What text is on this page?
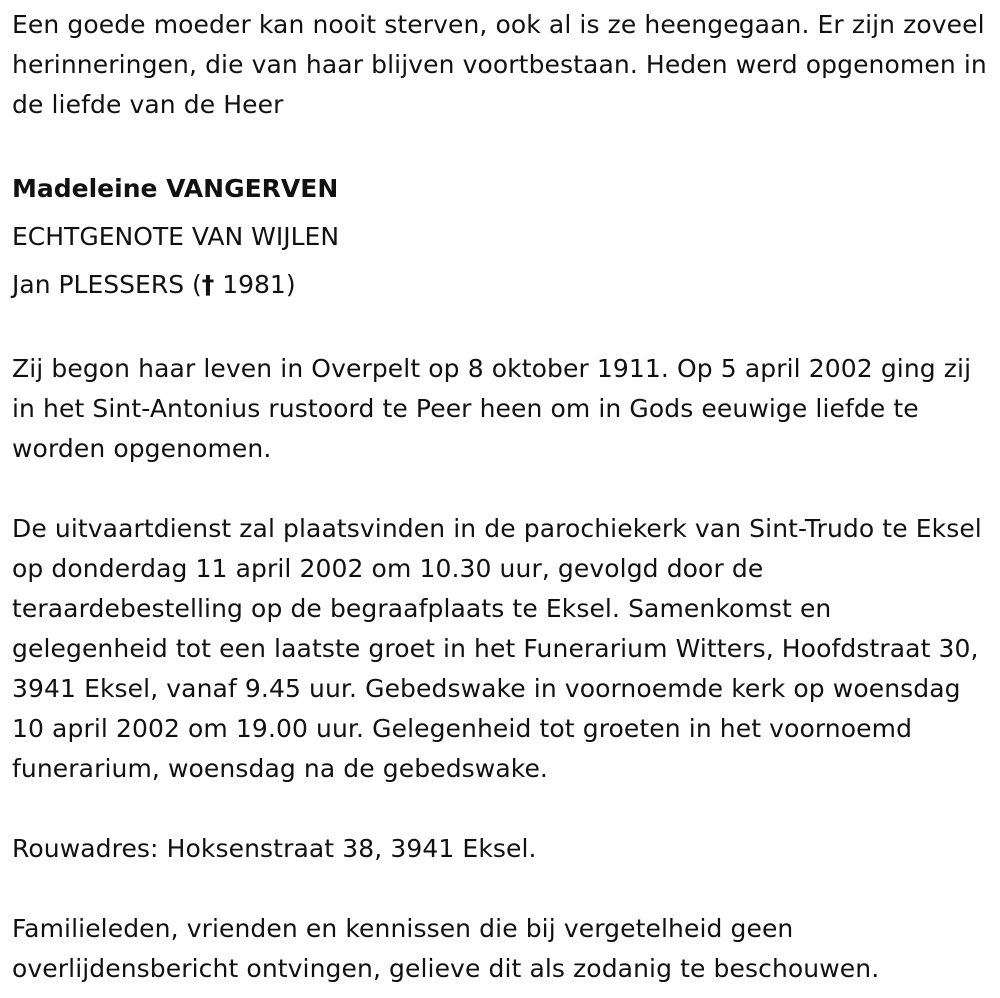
Een goede moeder kan nooit sterven, ook al is ze heengegaan. Er zijn zoveel herinneringen, die van haar blijven voortbestaan. Heden werd opgenomen in de liefde van de Heer

Madeleine VANGERVEN

ECHTGENOTE VAN WIJLEN

Jan PLESSERS († 1981)

Zij begon haar leven in Overpelt op 8 oktober 1911. Op 5 april 2002 ging zij in het Sint-Antonius rustoord te Peer heen om in Gods eeuwige liefde te worden opgenomen.

De uitvaartdienst zal plaatsvinden in de parochiekerk van Sint-Trudo te Eksel op donderdag 11 april 2002 om 10.30 uur, gevolgd door de teraardebestelling op de begraafplaats te Eksel. Samenkomst en gelegenheid tot een laatste groet in het Funerarium Witters, Hoofdstraat 30, 3941 Eksel, vanaf 9.45 uur. Gebedswake in voornoemde kerk op woensdag 10 april 2002 om 19.00 uur. Gelegenheid tot groeten in het voornoemd funerarium, woensdag na de gebedswake.

Rouwadres: Hoksenstraat 38, 3941 Eksel.

Familieleden, vrienden en kennissen die bij vergetelheid geen overlijdensbericht ontvingen, gelieve dit als zodanig te beschouwen.
